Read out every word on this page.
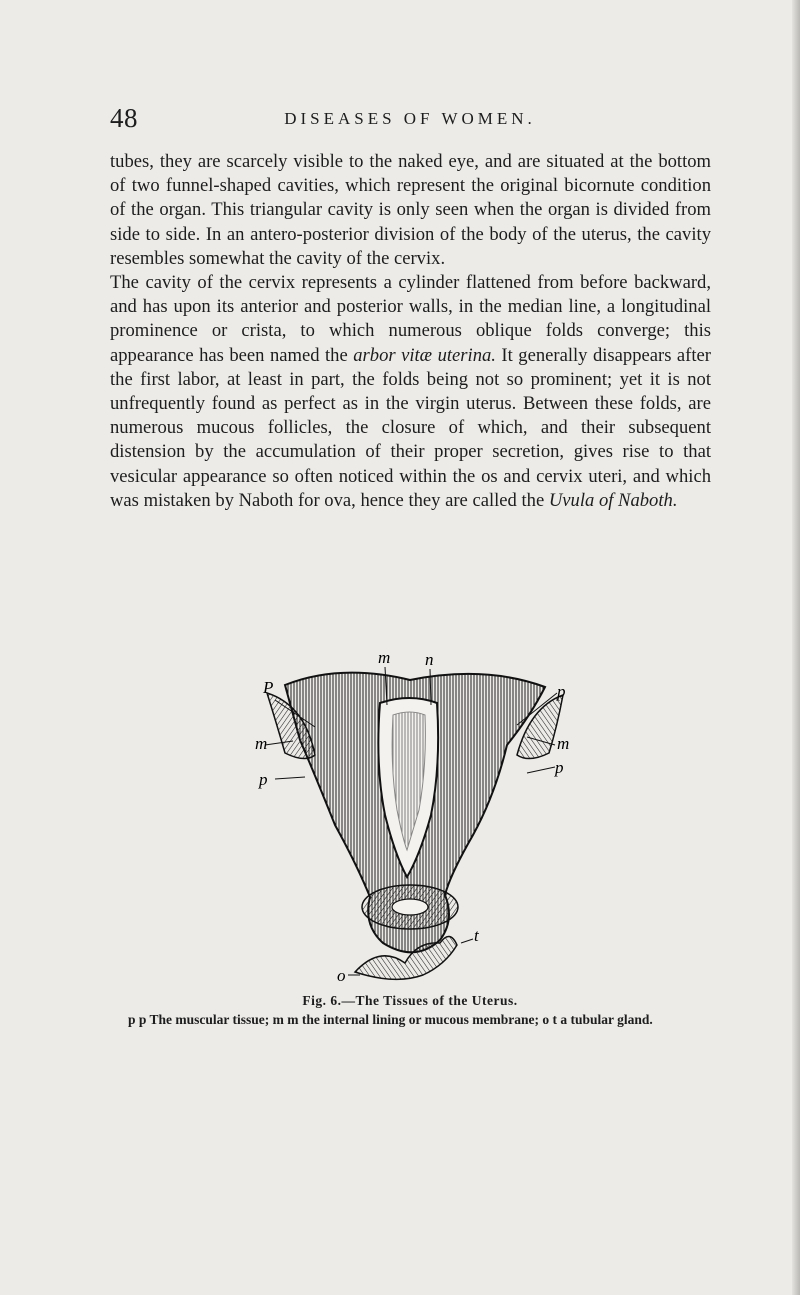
48	DISEASES OF WOMEN.

tubes, they are scarcely visible to the naked eye, and are situated at the bottom of two funnel-shaped cavities, which represent the original bicornute condition of the organ. This triangular cavity is only seen when the organ is divided from side to side. In an antero-posterior division of the body of the uterus, the cavity resembles somewhat the cavity of the cervix.

The cavity of the cervix represents a cylinder flattened from before backward, and has upon its anterior and posterior walls, in the median line, a longitudinal prominence or crista, to which numerous oblique folds converge; this appearance has been named the arbor vitæ uterina. It generally disappears after the first labor, at least in part, the folds being not so prominent; yet it is not unfrequently found as perfect as in the virgin uterus. Between these folds, are numerous mucous follicles, the closure of which, and their subsequent distension by the accumulation of their proper secretion, gives rise to that vesicular appearance so often noticed within the os and cervix uteri, and which was mistaken by Naboth for ova, hence they are called the Uvula of Naboth.

m n
P	p
m	m
p
p
t
o
Fig. 6.—The Tissues of the Uterus.
p p The muscular tissue; m m the internal lining or mucous membrane; o t a tubular gland.
